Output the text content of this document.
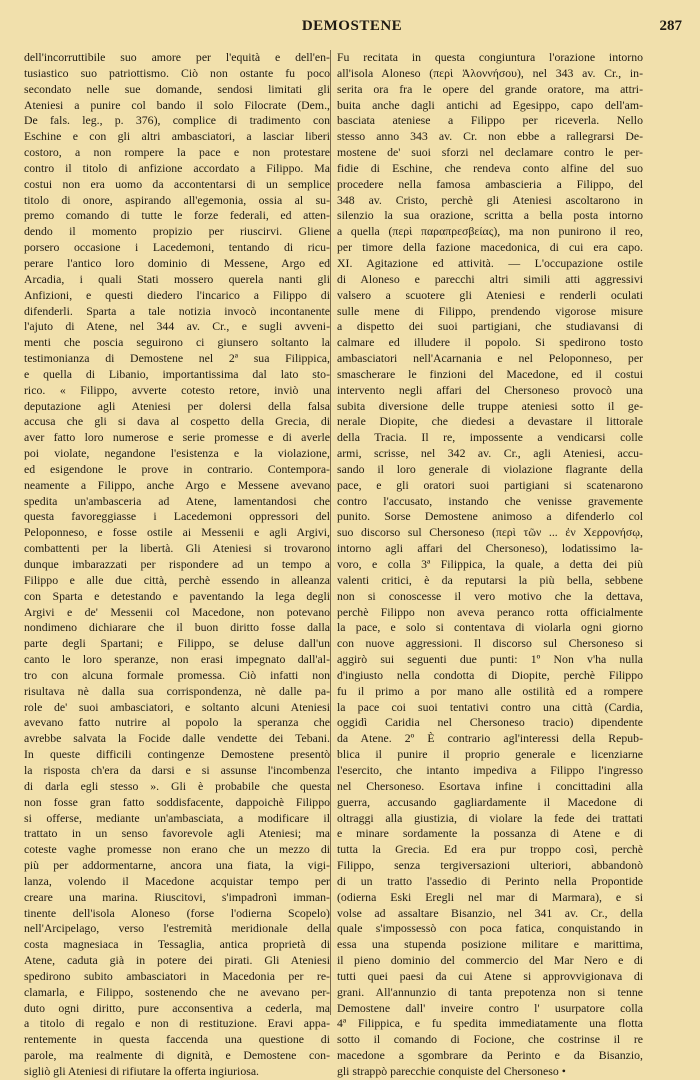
DEMOSTENE	287
dell'incorruttibile suo amore per l'equità e dell'en-
tusiastico suo patriottismo. Ciò non ostante fu poco
secondato nelle sue domande, sendosi limitati gli
Ateniesi a punire col bando il solo Filocrate (Dem.,
De fals. leg., p. 376), complice di tradimento con
Eschine e con gli altri ambasciatori, a lasciar liberi
costoro, a non rompere la pace e non protestare
contro il titolo di anfizione accordato a Filippo. Ma
costui non era uomo da accontentarsi di un semplice
titolo di onore, aspirando all'egemonia, ossia al su-
premo comando di tutte le forze federali, ed atten-
dendo il momento propizio per riuscirvi. Gliene
porsero occasione i Lacedemoni, tentando di ricu-
perare l'antico loro dominio di Messene, Argo ed
Arcadia, i quali Stati mossero querela nanti gli
Anfizioni, e questi diedero l'incarico a Filippo di
difenderli. Sparta a tale notizia invocò incontanente
l'ajuto di Atene, nel 344 av. Cr., e sugli avveni-
menti che poscia seguirono ci giunsero soltanto la
testimonianza di Demostene nel 2ª sua Filippica,
e quella di Libanio, importantissima dal lato sto-
rico. « Filippo, avverte cotesto retore, inviò una
deputazione agli Ateniesi per dolersi della falsa
accusa che gli si dava al cospetto della Grecia, di
aver fatto loro numerose e serie promesse e di averle
poi violate, negandone l'esistenza e la violazione,
ed esigendone le prove in contrario. Contempora-
neamente a Filippo, anche Argo e Messene avevano
spedita un'ambasceria ad Atene, lamentandosi che
questa favoreggiasse i Lacedemoni oppressori del
Peloponneso, e fosse ostile ai Messenii e agli Argivi,
combattenti per la libertà. Gli Ateniesi si trovarono
dunque imbarazzati per rispondere ad un tempo a
Filippo e alle due città, perchè essendo in alleanza
con Sparta e detestando e paventando la lega degli
Argivi e de' Messenii col Macedone, non potevano
nondimeno dichiarare che il buon diritto fosse dalla
parte degli Spartani; e Filippo, se deluse dall'un
canto le loro speranze, non erasi impegnato dall'al-
tro con alcuna formale promessa. Ciò infatti non
risultava nè dalla sua corrispondenza, nè dalle pa-
role de' suoi ambasciatori, e soltanto alcuni Ateniesi
avevano fatto nutrire al popolo la speranza che
avrebbe salvata la Focide dalle vendette dei Tebani.
In queste difficili contingenze Demostene presentò
la risposta ch'era da darsi e si assunse l'incombenza
di darla egli stesso ». Gli è probabile che questa
non fosse gran fatto soddisfacente, dappoichè Filippo
si offerse, mediante un'ambasciata, a modificare il
trattato in un senso favorevole agli Ateniesi; ma
coteste vaghe promesse non erano che un mezzo di
più per addormentarne, ancora una fiata, la vigi-
lanza, volendo il Macedone acquistar tempo per
creare una marina. Riuscitovi, s'impadronì imman-
tinente dell'isola Aloneso (forse l'odierna Scopelo)
nell'Arcipelago, verso l'estremità meridionale della
costa magnesiaca in Tessaglia, antica proprietà di
Atene, caduta già in potere dei pirati. Gli Ateniesi
spedirono subito ambasciatori in Macedonia per re-
clamarla, e Filippo, sostenendo che ne avevano per-
duto ogni diritto, pure acconsentiva a cederla, ma
a titolo di regalo e non di restituzione. Eravi appa-
rentemente in questa faccenda una questione di
parole, ma realmente di dignità, e Demostene con-
sigliò gli Ateniesi di rifiutare la offerta ingiuriosa.
Fu recitata in questa congiuntura l'orazione intorno
all'isola Aloneso (περὶ Ἁλοννήσου), nel 343 av. Cr., in-
serita ora fra le opere del grande oratore, ma attri-
buita anche dagli antichi ad Egesippo, capo dell'am-
basciata ateniese a Filippo per riceverla. Nello
stesso anno 343 av. Cr. non ebbe a rallegrarsi De-
mostene de' suoi sforzi nel declamare contro le per-
fidie di Eschine, che rendeva conto alfine del suo
procedere nella famosa ambascieria a Filippo, del
348 av. Cristo, perchè gli Ateniesi ascoltarono in
silenzio la sua orazione, scritta a bella posta intorno
a quella (περὶ παραπρεσβείας), ma non punirono il reo,
per timore della fazione macedonica, di cui era capo.
XI. Agitazione ed attività. — L'occupazione ostile
di Aloneso e parecchi altri simili atti aggressivi
valsero a scuotere gli Ateniesi e renderli oculati
sulle mene di Filippo, prendendo vigorose misure
a dispetto dei suoi partigiani, che studiavansi di
calmare ed illudere il popolo. Si spedirono tosto
ambasciatori nell'Acarnania e nel Peloponneso, per
smascherare le finzioni del Macedone, ed il costui
intervento negli affari del Chersoneso provocò una
subita diversione delle truppe ateniesi sotto il ge-
nerale Diopite, che diedesi a devastare il littorale
della Tracia. Il re, impossente a vendicarsi colle
armi, scrisse, nel 342 av. Cr., agli Ateniesi, accu-
sando il loro generale di violazione flagrante della
pace, e gli oratori suoi partigiani si scatenarono
contro l'accusato, instando che venisse gravemente
punito. Sorse Demostene animoso a difenderlo col
suo discorso sul Chersoneso (περὶ τῶν ... ἐν Χερρονήσῳ,
intorno agli affari del Chersoneso), lodatissimo la-
voro, e colla 3ª Filippica, la quale, a detta dei più
valenti critici, è da reputarsi la più bella, sebbene
non si conoscesse il vero motivo che la dettava,
perchè Filippo non aveva peranco rotta officialmente
la pace, e solo si contentava di violarla ogni giorno
con nuove aggressioni. Il discorso sul Chersoneso si
aggirò sui seguenti due punti: 1º Non v'ha nulla
d'ingiusto nella condotta di Diopite, perchè Filippo
fu il primo a por mano alle ostilità ed a rompere
la pace coi suoi tentativi contro una città (Cardia,
oggidì Caridia nel Chersoneso tracio) dipendente
da Atene. 2º È contrario agl'interessi della Repub-
blica il punire il proprio generale e licenziarne
l'esercito, che intanto impediva a Filippo l'ingresso
nel Chersoneso. Esortava infine i concittadini alla
guerra, accusando gagliardamente il Macedone di
oltraggi alla giustizia, di violare la fede dei trattati
e minare sordamente la possanza di Atene e di
tutta la Grecia. Ed era pur troppo così, perchè
Filippo, senza tergiversazioni ulteriori, abbandonò
di un tratto l'assedio di Perinto nella Propontide
(odierna Eski Eregli nel mar di Marmara), e si
volse ad assaltare Bisanzio, nel 341 av. Cr., della
quale s'impossessò con poca fatica, conquistando in
essa una stupenda posizione militare e marittima,
il pieno dominio del commercio del Mar Nero e di
tutti quei paesi da cui Atene si approvvigionava di
grani. All'annunzio di tanta prepotenza non si tenne
Demostene dall' inveire contro l' usurpatore colla
4ª Filippica, e fu spedita immediatamente una flotta
sotto il comando di Focione, che costrinse il re
macedone a sgombrare da Perinto e da Bisanzio,
gli strappò parecchie conquiste del Chersoneso •
